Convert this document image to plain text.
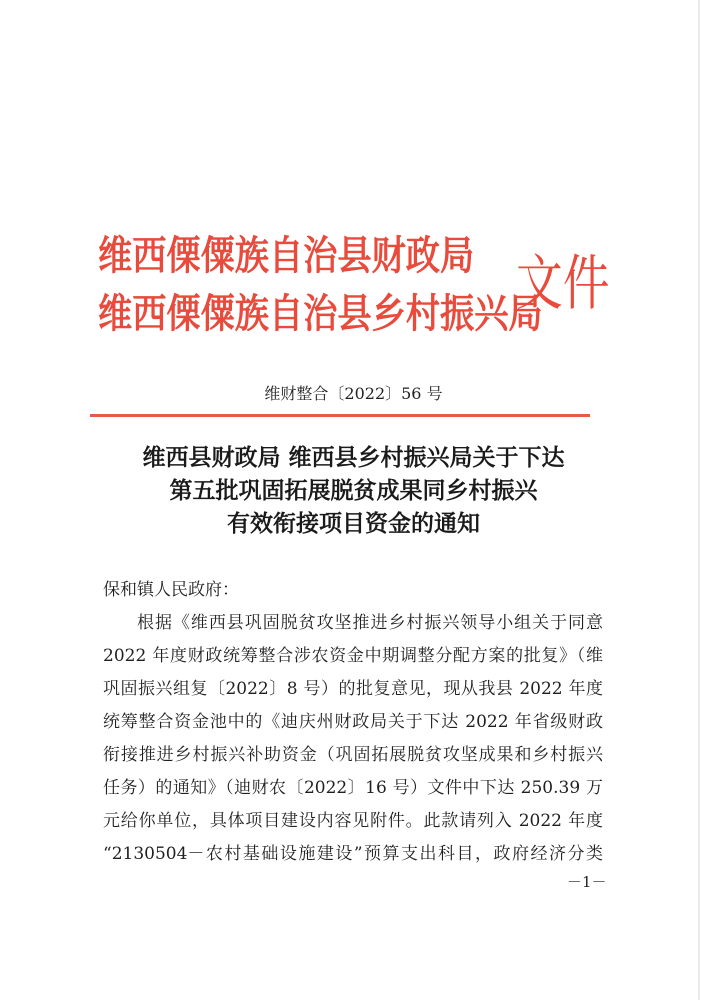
维西傈僳族自治县财政局
维西傈僳族自治县乡村振兴局
文件
维财整合〔2022〕56 号
维西县财政局 维西县乡村振兴局关于下达
第五批巩固拓展脱贫成果同乡村振兴
有效衔接项目资金的通知
保和镇人民政府：
根据《维西县巩固脱贫攻坚推进乡村振兴领导小组关于同意
2022 年度财政统筹整合涉农资金中期调整分配方案的批复》（维
巩固振兴组复〔2022〕8 号）的批复意见，现从我县 2022 年度
统筹整合资金池中的《迪庆州财政局关于下达 2022 年省级财政
衔接推进乡村振兴补助资金（巩固拓展脱贫攻坚成果和乡村振兴
任务）的通知》（迪财农〔2022〕16 号）文件中下达 250.39 万
元给你单位，具体项目建设内容见附件。此款请列入 2022 年度
“2130504－农村基础设施建设”预算支出科目，政府经济分类
－1－
